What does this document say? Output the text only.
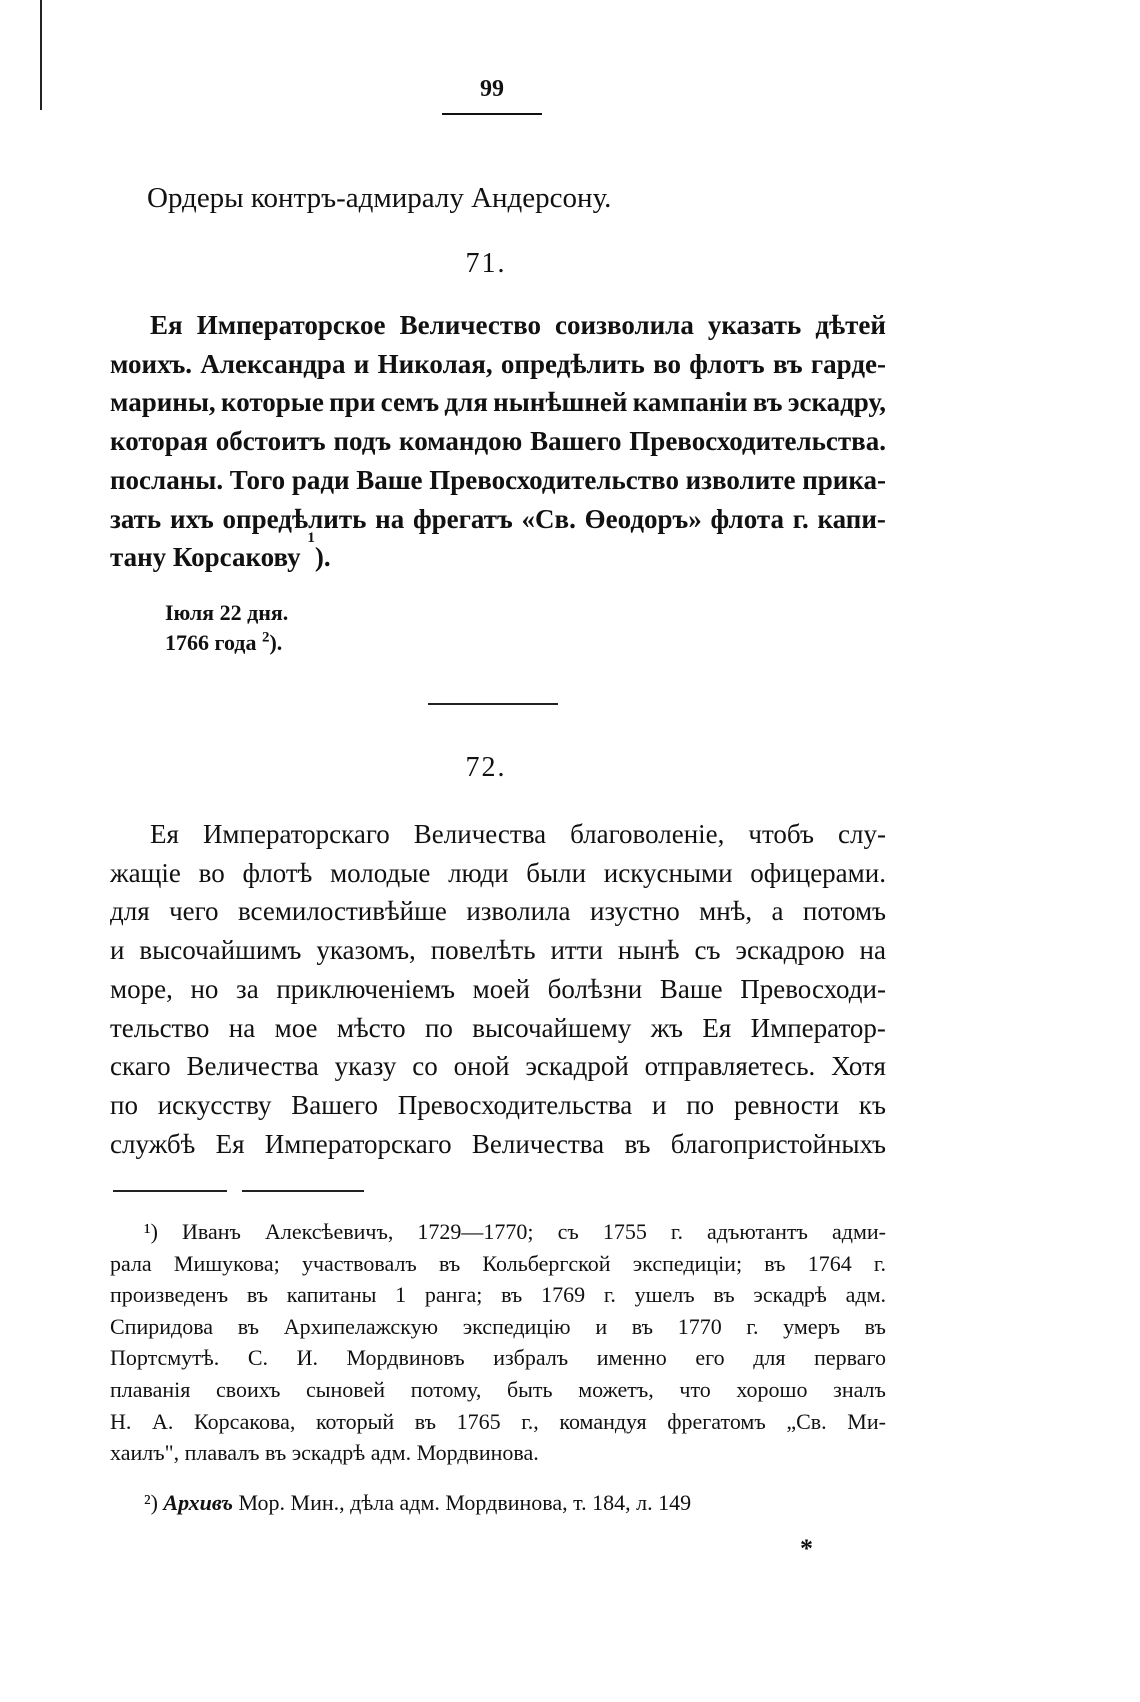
99
Ордеры контръ-адмиралу Андерсону.
71.
Ея Императорское Величество соизволила указать дѣтей
моихъ. Александра и Николая, опредѣлить во флотъ въ гарде-
марины, которые при семъ для нынѣшней кампаніи въ эскадру,
которая обстоитъ подъ командою Вашего Превосходительства.
посланы. Того ради Ваше Превосходительство изволите прика-
зать ихъ опредѣлить на фрегатъ «Св. Өеодоръ» флота г. капи-
тану Корсакову

1
).
Іюля 22 дня.
1766 года $^2$).
72.
Ея Императорскаго Величества благоволеніе, чтобъ слу-
жащіе во флотѣ молодые люди были искусными офицерами.
для чего всемилостивѣйше изволила изустно мнѣ, а потомъ
и высочайшимъ указомъ, повелѣть итти нынѣ съ эскадрою на
море, но за приключеніемъ моей болѣзни Ваше Превосходи-
тельство на мое мѣсто по высочайшему жъ Ея Император-
скаго Величества указу со оной эскадрой отправляетесь. Хотя
по искусству Вашего Превосходительства и по ревности къ
службѣ Ея Императорскаго Величества въ благопристойныхъ
¹) Иванъ Алексѣевичъ, 1729—1770; съ 1755 г. адъютантъ адми-
рала Мишукова; участвовалъ въ Кольбергской экспедиціи; въ 1764 г.
произведенъ въ капитаны 1 ранга; въ 1769 г. ушелъ въ эскадрѣ адм.
Спиридова въ Архипелажскую экспедицію и въ 1770 г. умеръ въ
Портсмутѣ. С. И. Мордвиновъ избралъ именно его для перваго
плаванія своихъ сыновей потому, быть можетъ, что хорошо зналъ
Н. А. Корсакова, который въ 1765 г., командуя фрегатомъ „Св. Ми-
хаилъ", плавалъ въ эскадрѣ адм. Мордвинова.
²) Архивъ Мор. Мин., дѣла адм. Мордвинова, т. 184, л. 149
*
